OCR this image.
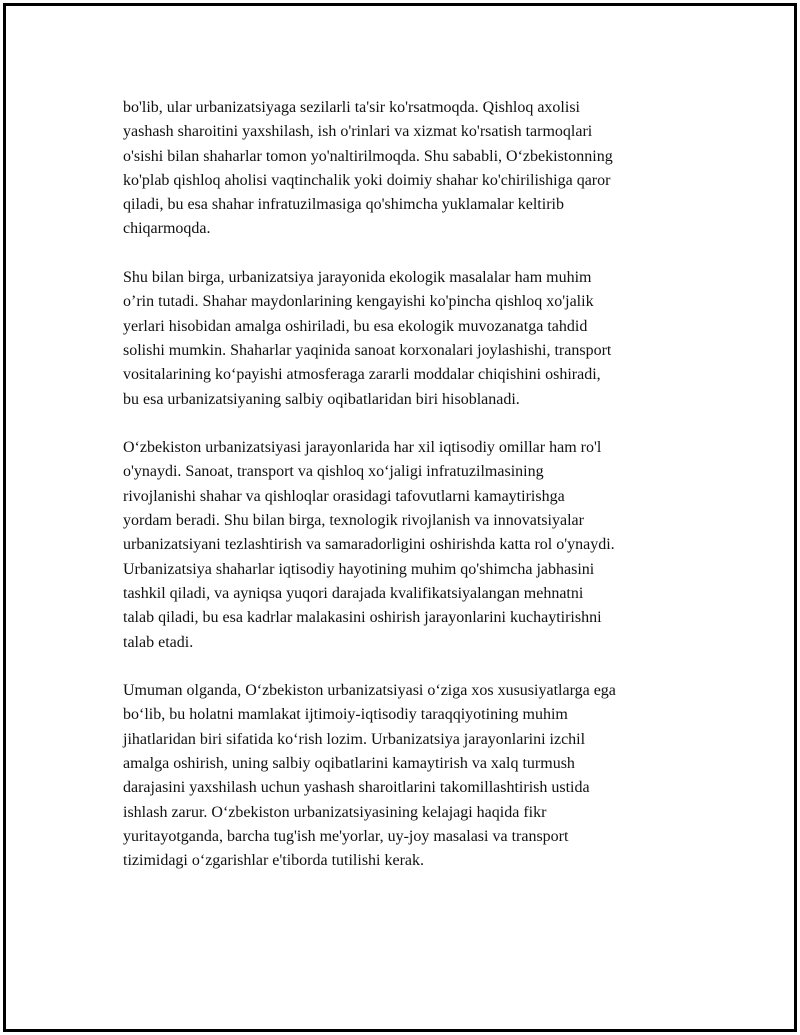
bo'lib, ular urbanizatsiyaga sezilarli ta'sir ko'rsatmoqda. Qishloq axolisi
yashash sharoitini yaxshilash, ish o'rinlari va xizmat ko'rsatish tarmoqlari
o'sishi bilan shaharlar tomon yo'naltirilmoqda. Shu sababli, O‘zbekistonning
ko'plab qishloq aholisi vaqtinchalik yoki doimiy shahar ko'chirilishiga qaror
qiladi, bu esa shahar infratuzilmasiga qo'shimcha yuklamalar keltirib
chiqarmoqda.
Shu bilan birga, urbanizatsiya jarayonida ekologik masalalar ham muhim
o’rin tutadi. Shahar maydonlarining kengayishi ko'pincha qishloq xo'jalik
yerlari hisobidan amalga oshiriladi, bu esa ekologik muvozanatga tahdid
solishi mumkin. Shaharlar yaqinida sanoat korxonalari joylashishi, transport
vositalarining ko‘payishi atmosferaga zararli moddalar chiqishini oshiradi,
bu esa urbanizatsiyaning salbiy oqibatlaridan biri hisoblanadi.
O‘zbekiston urbanizatsiyasi jarayonlarida har xil iqtisodiy omillar ham ro'l
o'ynaydi. Sanoat, transport va qishloq xo‘jaligi infratuzilmasining
rivojlanishi shahar va qishloqlar orasidagi tafovutlarni kamaytirishga
yordam beradi. Shu bilan birga, texnologik rivojlanish va innovatsiyalar
urbanizatsiyani tezlashtirish va samaradorligini oshirishda katta rol o'ynaydi.
Urbanizatsiya shaharlar iqtisodiy hayotining muhim qo'shimcha jabhasini
tashkil qiladi, va ayniqsa yuqori darajada kvalifikatsiyalangan mehnatni
talab qiladi, bu esa kadrlar malakasini oshirish jarayonlarini kuchaytirishni
talab etadi.
Umuman olganda, O‘zbekiston urbanizatsiyasi o‘ziga xos xususiyatlarga ega
bo‘lib, bu holatni mamlakat ijtimoiy-iqtisodiy taraqqiyotining muhim
jihatlaridan biri sifatida ko‘rish lozim. Urbanizatsiya jarayonlarini izchil
amalga oshirish, uning salbiy oqibatlarini kamaytirish va xalq turmush
darajasini yaxshilash uchun yashash sharoitlarini takomillashtirish ustida
ishlash zarur. O‘zbekiston urbanizatsiyasining kelajagi haqida fikr
yuritayotganda, barcha tug'ish me'yorlar, uy-joy masalasi va transport
tizimidagi o‘zgarishlar e'tiborda tutilishi kerak.
